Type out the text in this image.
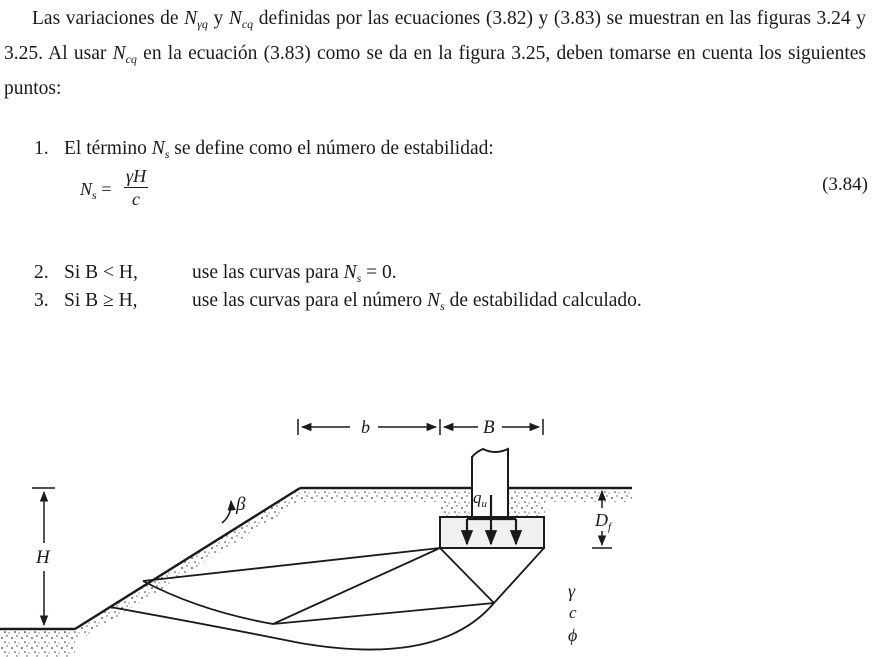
Las variaciones de $N_{\gamma q}$ y $N_{cq}$ definidas por las ecuaciones (3.82) y (3.83) se muestran en las figuras 3.24 y 3.25. Al usar $N_{cq}$ en la ecuación (3.83) como se da en la figura 3.25, deben tomarse en cuenta los siguientes puntos:
1. El término $N_s$ se define como el número de estabilidad:
$N_s = \frac{\gamma H}{c}$	(3.84)
2. Si B < H,	use las curvas para $N_s = 0$.
3. Si B ≥ H,	use las curvas para el número $N_s$ de estabilidad calculado.
b	B
β	$q_u$
$D_f$
H
γ
c
ϕ
